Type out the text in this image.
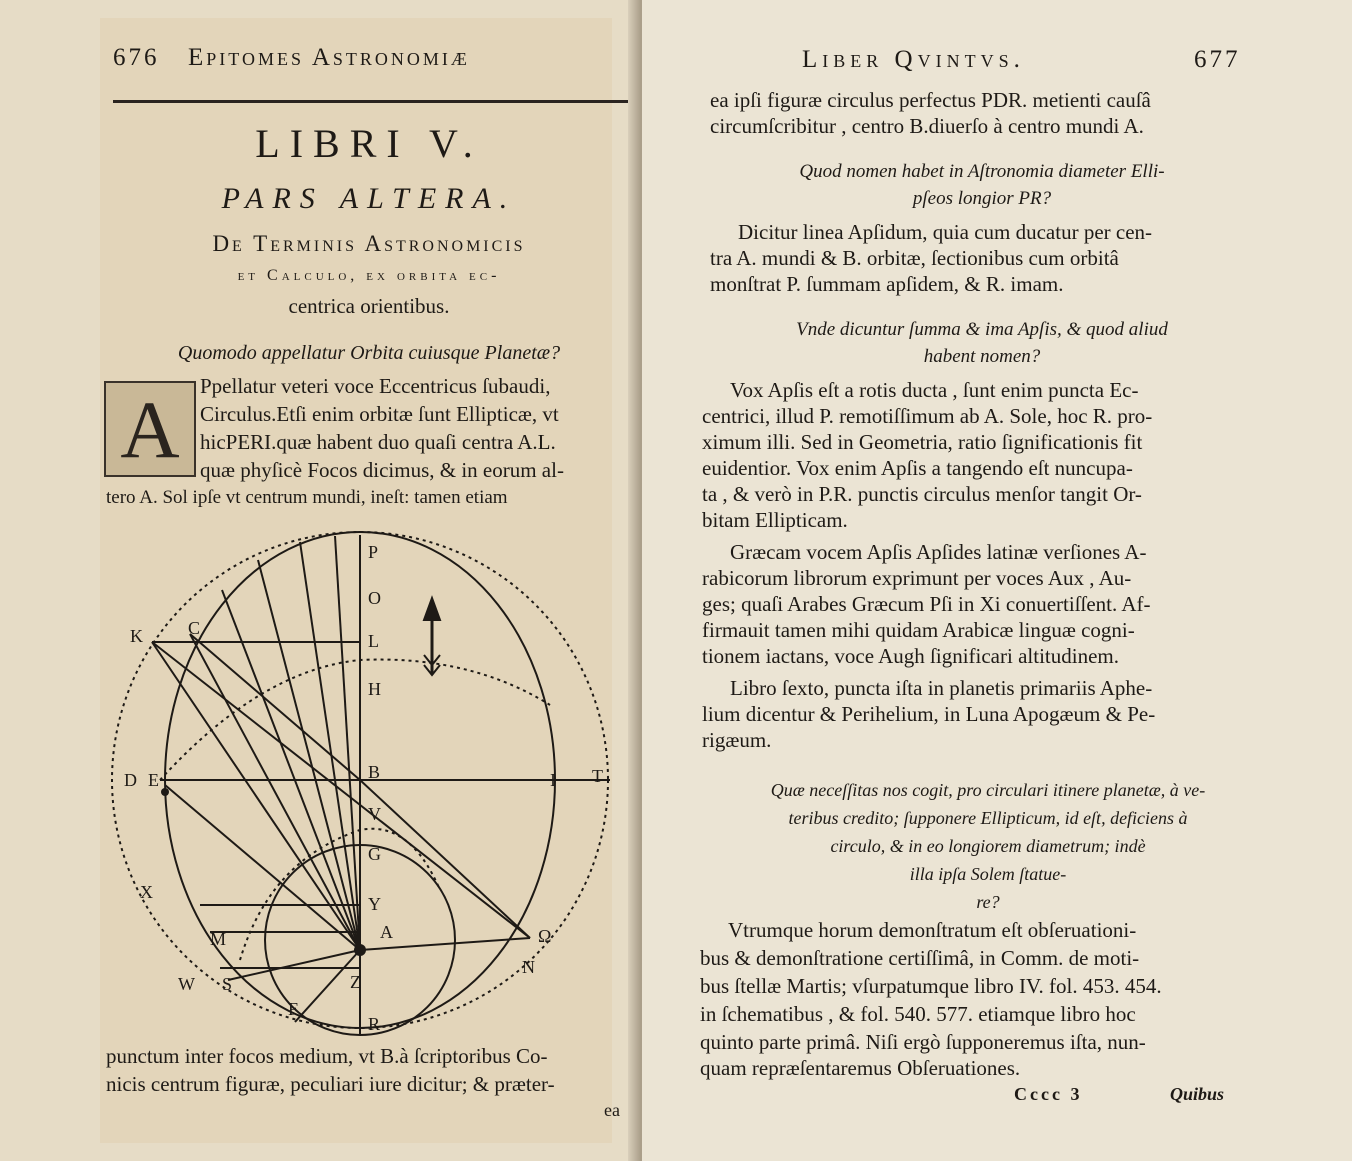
676 Epitomes Astronomiæ
LIBRI V.
PARS ALTERA.
De Terminis Astronomicis
et Calculo, ex orbita ec-
centrica orientibus.
Quomodo appellatur Orbita cuiusque Planetæ?
A Ppellatur veteri voce Eccentricus ſubaudi,
Circulus.Etſi enim orbitæ ſunt Ellipticæ, vt
hicPERI.quæ habent duo quaſi centra A.L.
quæ phyſicè Focos dicimus, & in eorum al-
tero A. Sol ipſe vt centrum mundi, ineſt: tamen etiam
P
O
L
H
B
V
G
Y
A
K	C
D E	I T
X
M
W S
F
Z
R
N
Ω
punctum inter focos medium, vt B.à ſcriptoribus Co-
nicis centrum figuræ, peculiari iure dicitur; & præter-
ea
Liber Qvintvs.	677
ea ipſi figuræ circulus perfectus PDR. metienti cauſâ
circumſcribitur , centro B.diuerſo à centro mundi A.
Quod nomen habet in Aſtronomia diameter Elli-
pſeos longior PR?
Dicitur linea Apſidum, quia cum ducatur per cen-
tra A. mundi & B. orbitæ, ſectionibus cum orbitâ
monſtrat P. ſummam apſidem, & R. imam.
Vnde dicuntur ſumma & ima Apſis, & quod aliud
habent nomen?
Vox Apſis eſt a rotis ducta , ſunt enim puncta Ec-
centrici, illud P. remotiſſimum ab A. Sole, hoc R. pro-
ximum illi. Sed in Geometria, ratio ſignificationis fit
euidentior. Vox enim Apſis a tangendo eſt nuncupa-
ta , & verò in P.R. punctis circulus menſor tangit Or-
bitam Ellipticam.
Græcam vocem Apſis Apſides latinæ verſiones A-
rabicorum librorum exprimunt per voces Aux , Au-
ges; quaſi Arabes Græcum Pſi in Xi conuertiſſent. Af-
firmauit tamen mihi quidam Arabicæ linguæ cogni-
tionem iactans, voce Augh ſignificari altitudinem.
Libro ſexto, puncta iſta in planetis primariis Aphe-
lium dicentur & Perihelium, in Luna Apogæum & Pe-
rigæum.
Quæ neceſſitas nos cogit, pro circulari itinere planetæ, à ve-
teribus credito; ſupponere Ellipticum, id eſt, deficiens à
circulo, & in eo longiorem diametrum; indè
illa ipſa Solem ſtatue-
re?
Vtrumque horum demonſtratum eſt obſeruationi-
bus & demonſtratione certiſſimâ, in Comm. de moti-
bus ſtellæ Martis; vſurpatumque libro IV. fol. 453. 454.
in ſchematibus , & fol. 540. 577. etiamque libro hoc
quinto parte primâ. Niſi ergò ſupponeremus iſta, nun-
quam repræſentaremus Obſeruationes.
Cccc 3	Quibus
